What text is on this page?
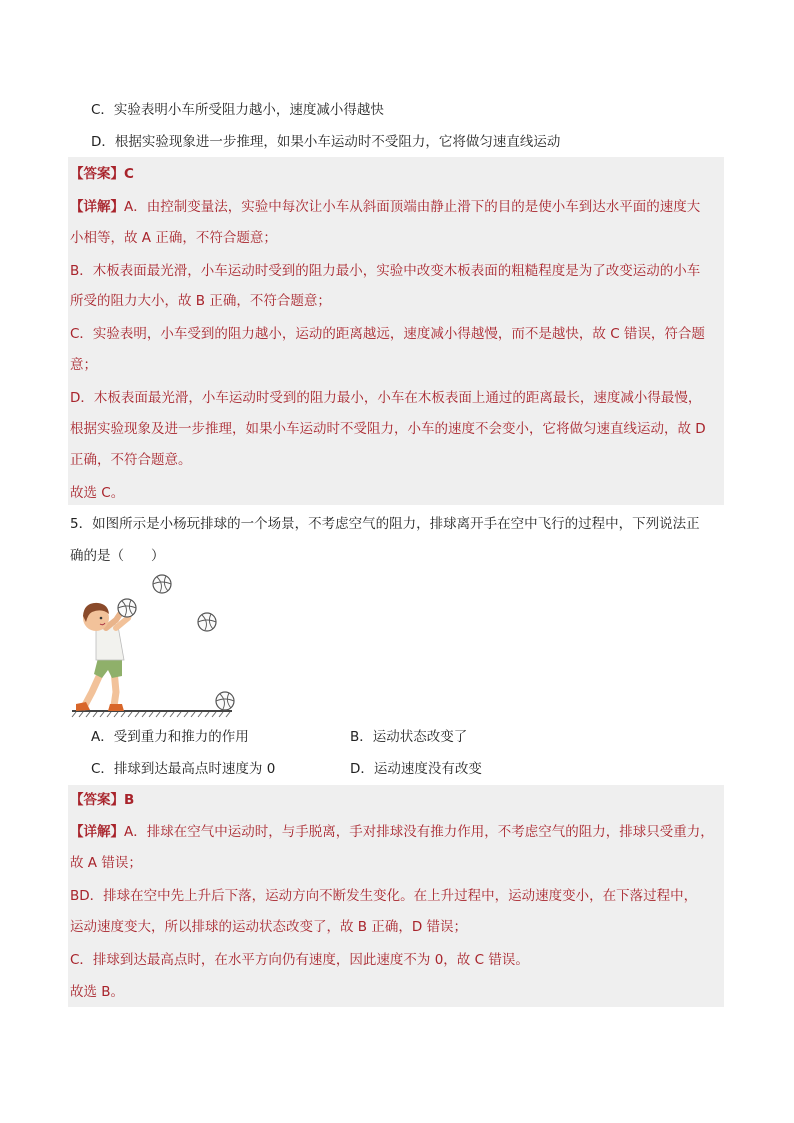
C．实验表明小车所受阻力越小，速度减小得越快
D．根据实验现象进一步推理，如果小车运动时不受阻力，它将做匀速直线运动
【答案】C
【详解】A．由控制变量法，实验中每次让小车从斜面顶端由静止滑下的目的是使小车到达水平面的速度大
小相等，故 A 正确，不符合题意；
B．木板表面最光滑，小车运动时受到的阻力最小，实验中改变木板表面的粗糙程度是为了改变运动的小车
所受的阻力大小，故 B 正确，不符合题意；
C．实验表明，小车受到的阻力越小，运动的距离越远，速度减小得越慢，而不是越快，故 C 错误，符合题
意；
D．木板表面最光滑，小车运动时受到的阻力最小，小车在木板表面上通过的距离最长，速度减小得最慢，
根据实验现象及进一步推理，如果小车运动时不受阻力，小车的速度不会变小，它将做匀速直线运动，故 D
正确，不符合题意。
故选 C。
5．如图所示是小杨玩排球的一个场景，不考虑空气的阻力，排球离开手在空中飞行的过程中，下列说法正
确的是（　　）
A．受到重力和推力的作用	B．运动状态改变了
C．排球到达最高点时速度为 0	D．运动速度没有改变
【答案】B
【详解】A．排球在空气中运动时，与手脱离，手对排球没有推力作用，不考虑空气的阻力，排球只受重力，
故 A 错误；
BD．排球在空中先上升后下落，运动方向不断发生变化。在上升过程中，运动速度变小，在下落过程中，
运动速度变大，所以排球的运动状态改变了，故 B 正确，D 错误；
C．排球到达最高点时，在水平方向仍有速度，因此速度不为 0，故 C 错误。
故选 B。
